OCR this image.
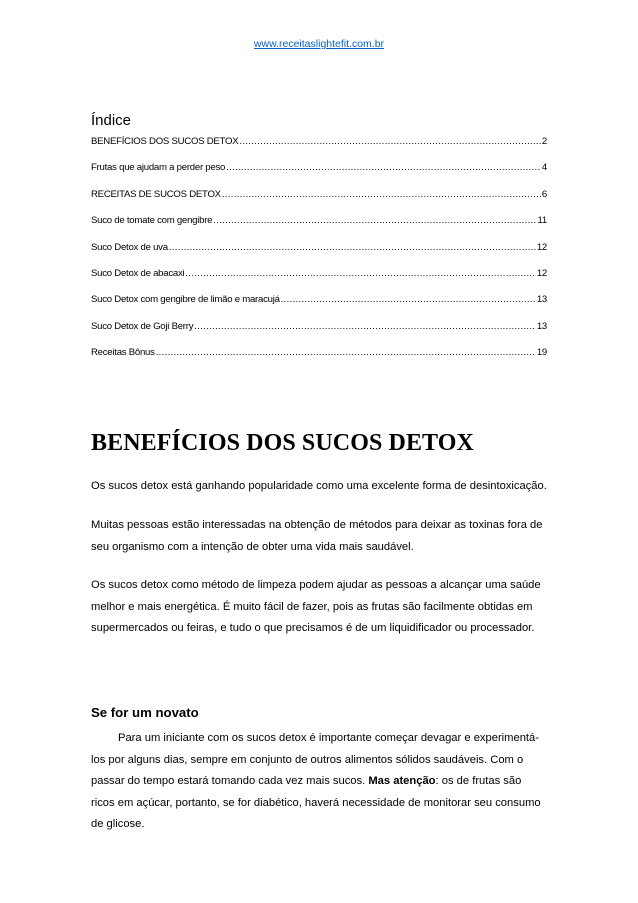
www.receitaslightefit.com.br
Índice
BENEFÍCIOS DOS SUCOS DETOX .....	2
Frutas que ajudam a perder peso .....	4
RECEITAS DE SUCOS DETOX .....	6
Suco de tomate com gengibre .....	11
Suco Detox de uva .....	12
Suco Detox de abacaxi .....	12
Suco Detox com gengibre de limão e maracujá .....	13
Suco Detox de Goji Berry .....	13
Receitas Bônus .....	19
BENEFÍCIOS DOS SUCOS DETOX

Os sucos detox está ganhando popularidade como uma excelente forma de desintoxicação.

Muitas pessoas estão interessadas na obtenção de métodos para deixar as toxinas fora de seu organismo com a intenção de obter uma vida mais saudável.

Os sucos detox como método de limpeza podem ajudar as pessoas a alcançar uma saúde melhor e mais energética. É muito fácil de fazer, pois as frutas são facilmente obtidas em supermercados ou feiras, e tudo o que precisamos é de um liquidificador ou processador.

Se for um novato

Para um iniciante com os sucos detox é importante começar devagar e experimentá-los por alguns dias, sempre em conjunto de outros alimentos sólidos saudáveis. Com o passar do tempo estará tomando cada vez mais sucos. Mas atenção: os de frutas são ricos em açúcar, portanto, se for diabético, haverá necessidade de monitorar seu consumo de glicose.
